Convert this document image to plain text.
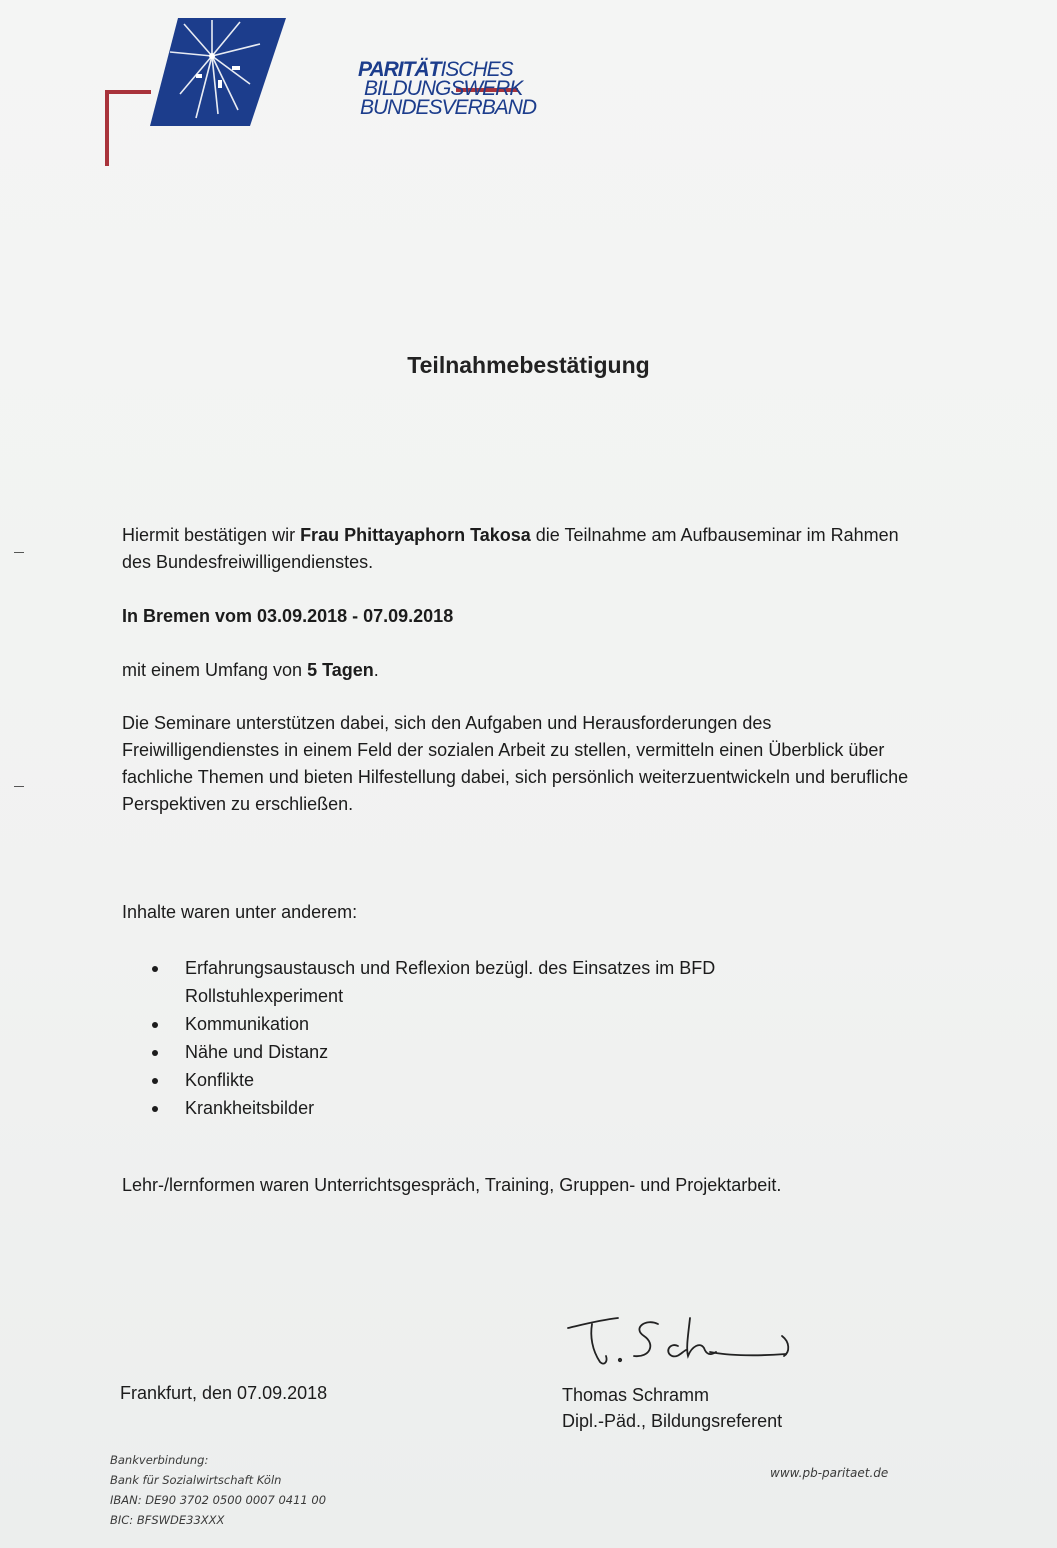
PARITÄTISCHES
BILDUNGSWERK
BUNDESVERBAND
Teilnahmebestätigung
Hiermit bestätigen wir Frau Phittayaphorn Takosa die Teilnahme am Aufbauseminar im Rahmen des Bundesfreiwilligendienstes.
In Bremen vom 03.09.2018 - 07.09.2018
mit einem Umfang von 5 Tagen.
Die Seminare unterstützen dabei, sich den Aufgaben und Herausforderungen des Freiwilligendienstes in einem Feld der sozialen Arbeit zu stellen, vermitteln einen Überblick über fachliche Themen und bieten Hilfestellung dabei, sich persönlich weiterzuentwickeln und berufliche Perspektiven zu erschließen.
Inhalte waren unter anderem:
Erfahrungsaustausch und Reflexion bezügl. des Einsatzes im BFD
Rollstuhlexperiment
Kommunikation
Nähe und Distanz
Konflikte
Krankheitsbilder
Lehr-/lernformen waren Unterrichtsgespräch, Training, Gruppen- und Projektarbeit.
Frankfurt, den 07.09.2018	Thomas Schramm
Dipl.-Päd., Bildungsreferent
Bankverbindung:
Bank für Sozialwirtschaft Köln
IBAN: DE90 3702 0500 0007 0411 00
BIC: BFSWDE33XXX
www.pb-paritaet.de
